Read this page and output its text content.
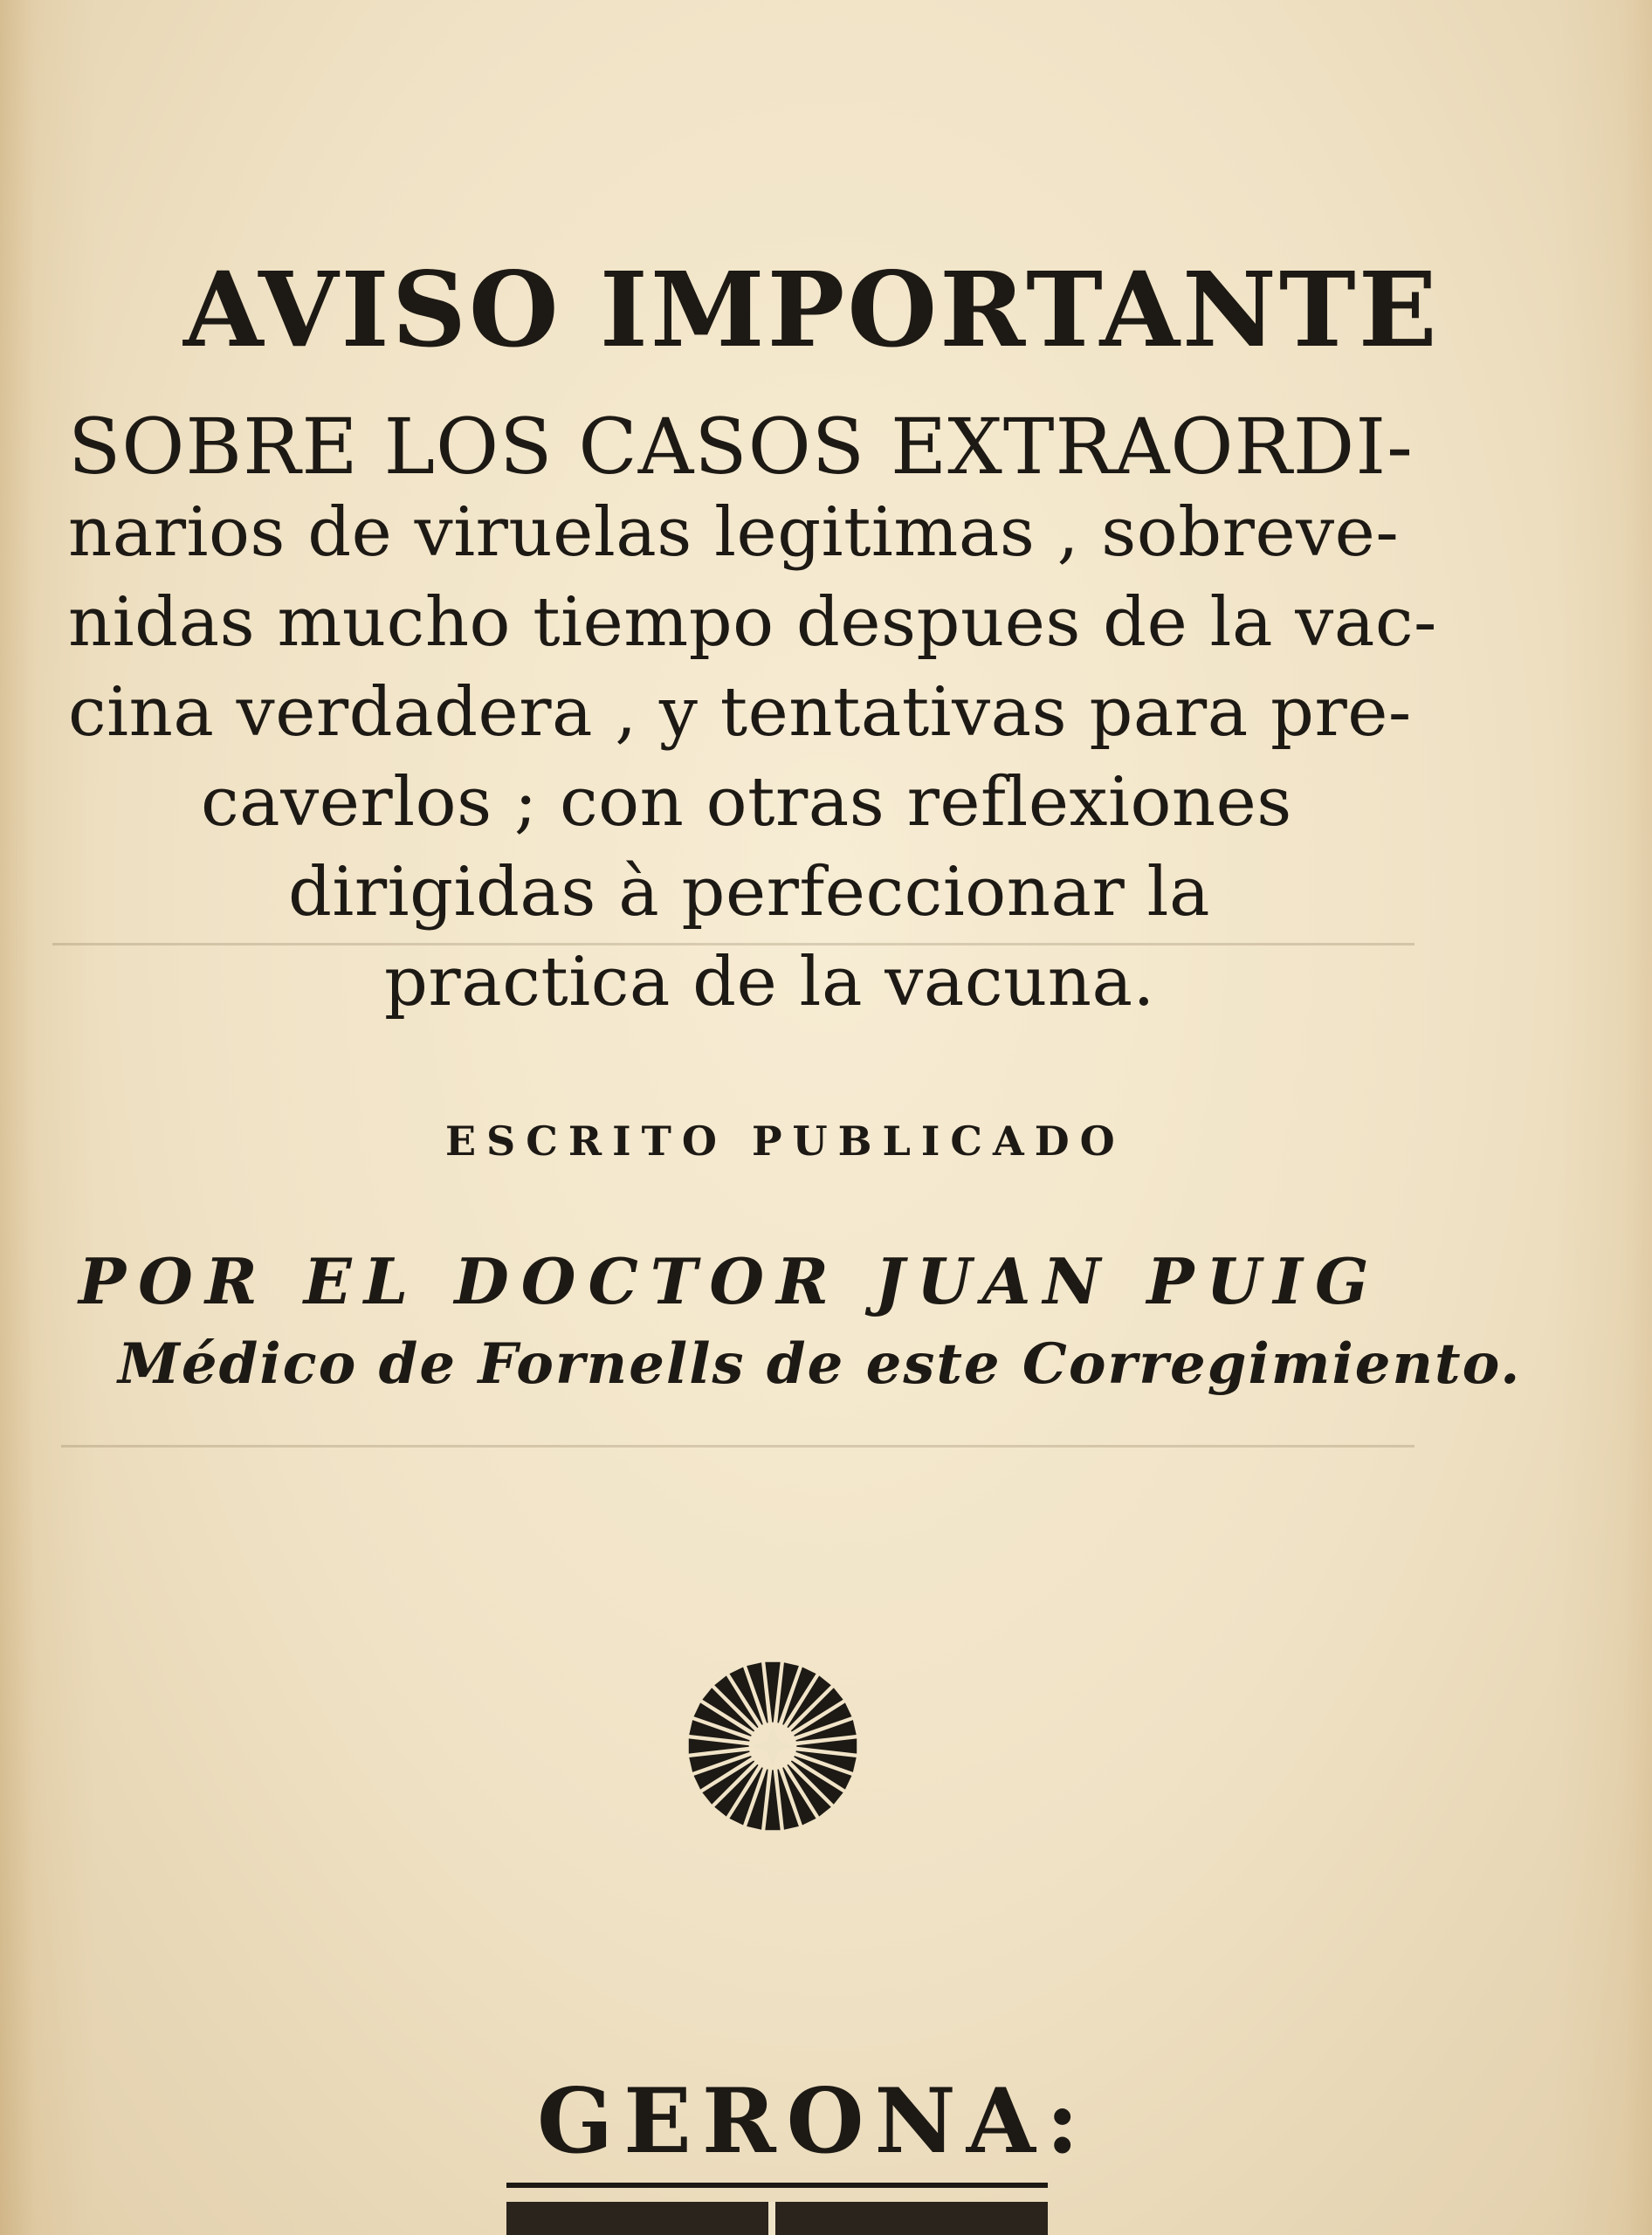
AVISO IMPORTANTE
SOBRE LOS CASOS EXTRAORDI-
narios de viruelas legitimas , sobreve-
nidas mucho tiempo despues de la vac-
cina verdadera , y tentativas para pre-
caverlos ; con otras reflexiones
dirigidas à perfeccionar la
practica de la vacuna.
ESCRITO PUBLICADO
POR EL DOCTOR JUAN PUIG
Médico de Fornells de este Corregimiento.
GERONA:
